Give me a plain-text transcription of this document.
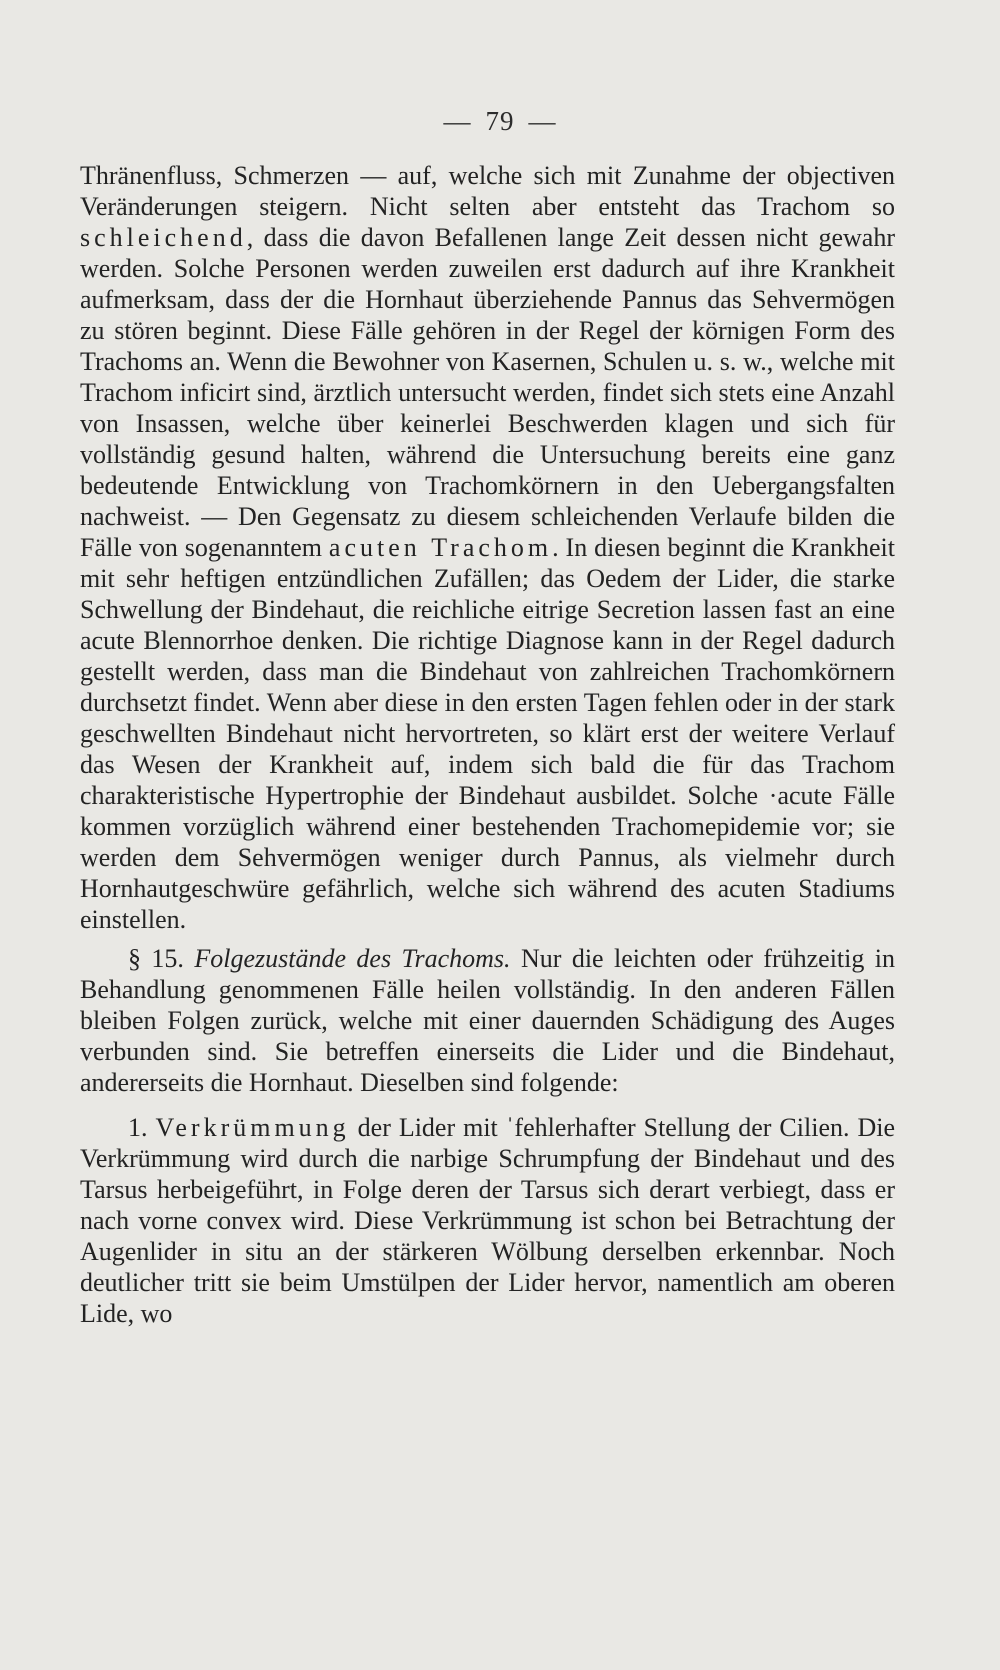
— 79 —

Thränenfluss, Schmerzen — auf, welche sich mit Zunahme der objectiven Veränderungen steigern. Nicht selten aber entsteht das Trachom so schleichend, dass die davon Befallenen lange Zeit dessen nicht gewahr werden. Solche Personen werden zuweilen erst dadurch auf ihre Krankheit aufmerksam, dass der die Hornhaut überziehende Pannus das Sehvermögen zu stören beginnt. Diese Fälle gehören in der Regel der körnigen Form des Trachoms an. Wenn die Bewohner von Kasernen, Schulen u. s. w., welche mit Trachom inficirt sind, ärztlich untersucht werden, findet sich stets eine Anzahl von Insassen, welche über keinerlei Beschwerden klagen und sich für vollständig gesund halten, während die Untersuchung bereits eine ganz bedeutende Entwicklung von Trachomkörnern in den Uebergangsfalten nachweist. — Den Gegensatz zu diesem schleichenden Verlaufe bilden die Fälle von sogenanntem acuten Trachom. In diesen beginnt die Krankheit mit sehr heftigen entzündlichen Zufällen; das Oedem der Lider, die starke Schwellung der Bindehaut, die reichliche eitrige Secretion lassen fast an eine acute Blennorrhoe denken. Die richtige Diagnose kann in der Regel dadurch gestellt werden, dass man die Bindehaut von zahlreichen Trachomkörnern durchsetzt findet. Wenn aber diese in den ersten Tagen fehlen oder in der stark geschwellten Bindehaut nicht hervortreten, so klärt erst der weitere Verlauf das Wesen der Krankheit auf, indem sich bald die für das Trachom charakteristische Hypertrophie der Bindehaut ausbildet. Solche ·acute Fälle kommen vorzüglich während einer bestehenden Trachomepidemie vor; sie werden dem Sehvermögen weniger durch Pannus, als vielmehr durch Hornhautgeschwüre gefährlich, welche sich während des acuten Stadiums einstellen.

§ 15. Folgezustände des Trachoms. Nur die leichten oder frühzeitig in Behandlung genommenen Fälle heilen vollständig. In den anderen Fällen bleiben Folgen zurück, welche mit einer dauernden Schädigung des Auges verbunden sind. Sie betreffen einerseits die Lider und die Bindehaut, andererseits die Hornhaut. Dieselben sind folgende:

1. Verkrümmung der Lider mit ˈfehlerhafter Stellung der Cilien. Die Verkrümmung wird durch die narbige Schrumpfung der Bindehaut und des Tarsus herbeigeführt, in Folge deren der Tarsus sich derart verbiegt, dass er nach vorne convex wird. Diese Verkrümmung ist schon bei Betrachtung der Augenlider in situ an der stärkeren Wölbung derselben erkennbar. Noch deutlicher tritt sie beim Umstülpen der Lider hervor, namentlich am oberen Lide, wo
